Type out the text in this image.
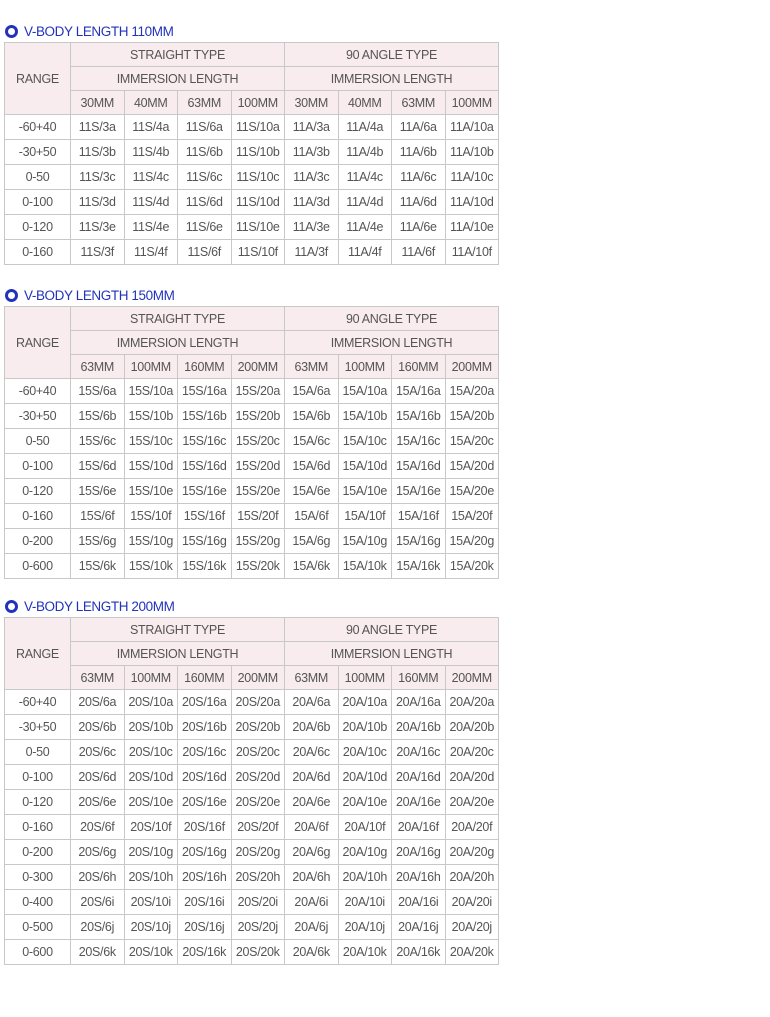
V-BODY LENGTH 110MM
RANGE	STRAIGHT TYPE				90 ANGLE TYPE			
	IMMERSION LENGTH				IMMERSION LENGTH			
	30MM	40MM	63MM	100MM	30MM	40MM	63MM	100MM
-60+40	11S/3a	11S/4a	11S/6a	11S/10a	11A/3a	11A/4a	11A/6a	11A/10a
-30+50	11S/3b	11S/4b	11S/6b	11S/10b	11A/3b	11A/4b	11A/6b	11A/10b
0-50	11S/3c	11S/4c	11S/6c	11S/10c	11A/3c	11A/4c	11A/6c	11A/10c
0-100	11S/3d	11S/4d	11S/6d	11S/10d	11A/3d	11A/4d	11A/6d	11A/10d
0-120	11S/3e	11S/4e	11S/6e	11S/10e	11A/3e	11A/4e	11A/6e	11A/10e
0-160	11S/3f	11S/4f	11S/6f	11S/10f	11A/3f	11A/4f	11A/6f	11A/10f
V-BODY LENGTH 150MM
RANGE	STRAIGHT TYPE				90 ANGLE TYPE			
	IMMERSION LENGTH				IMMERSION LENGTH			
	63MM	100MM	160MM	200MM	63MM	100MM	160MM	200MM
-60+40	15S/6a	15S/10a	15S/16a	15S/20a	15A/6a	15A/10a	15A/16a	15A/20a
-30+50	15S/6b	15S/10b	15S/16b	15S/20b	15A/6b	15A/10b	15A/16b	15A/20b
0-50	15S/6c	15S/10c	15S/16c	15S/20c	15A/6c	15A/10c	15A/16c	15A/20c
0-100	15S/6d	15S/10d	15S/16d	15S/20d	15A/6d	15A/10d	15A/16d	15A/20d
0-120	15S/6e	15S/10e	15S/16e	15S/20e	15A/6e	15A/10e	15A/16e	15A/20e
0-160	15S/6f	15S/10f	15S/16f	15S/20f	15A/6f	15A/10f	15A/16f	15A/20f
0-200	15S/6g	15S/10g	15S/16g	15S/20g	15A/6g	15A/10g	15A/16g	15A/20g
0-600	15S/6k	15S/10k	15S/16k	15S/20k	15A/6k	15A/10k	15A/16k	15A/20k
V-BODY LENGTH 200MM
RANGE	STRAIGHT TYPE				90 ANGLE TYPE			
	IMMERSION LENGTH				IMMERSION LENGTH			
	63MM	100MM	160MM	200MM	63MM	100MM	160MM	200MM
-60+40	20S/6a	20S/10a	20S/16a	20S/20a	20A/6a	20A/10a	20A/16a	20A/20a
-30+50	20S/6b	20S/10b	20S/16b	20S/20b	20A/6b	20A/10b	20A/16b	20A/20b
0-50	20S/6c	20S/10c	20S/16c	20S/20c	20A/6c	20A/10c	20A/16c	20A/20c
0-100	20S/6d	20S/10d	20S/16d	20S/20d	20A/6d	20A/10d	20A/16d	20A/20d
0-120	20S/6e	20S/10e	20S/16e	20S/20e	20A/6e	20A/10e	20A/16e	20A/20e
0-160	20S/6f	20S/10f	20S/16f	20S/20f	20A/6f	20A/10f	20A/16f	20A/20f
0-200	20S/6g	20S/10g	20S/16g	20S/20g	20A/6g	20A/10g	20A/16g	20A/20g
0-300	20S/6h	20S/10h	20S/16h	20S/20h	20A/6h	20A/10h	20A/16h	20A/20h
0-400	20S/6i	20S/10i	20S/16i	20S/20i	20A/6i	20A/10i	20A/16i	20A/20i
0-500	20S/6j	20S/10j	20S/16j	20S/20j	20A/6j	20A/10j	20A/16j	20A/20j
0-600	20S/6k	20S/10k	20S/16k	20S/20k	20A/6k	20A/10k	20A/16k	20A/20k
